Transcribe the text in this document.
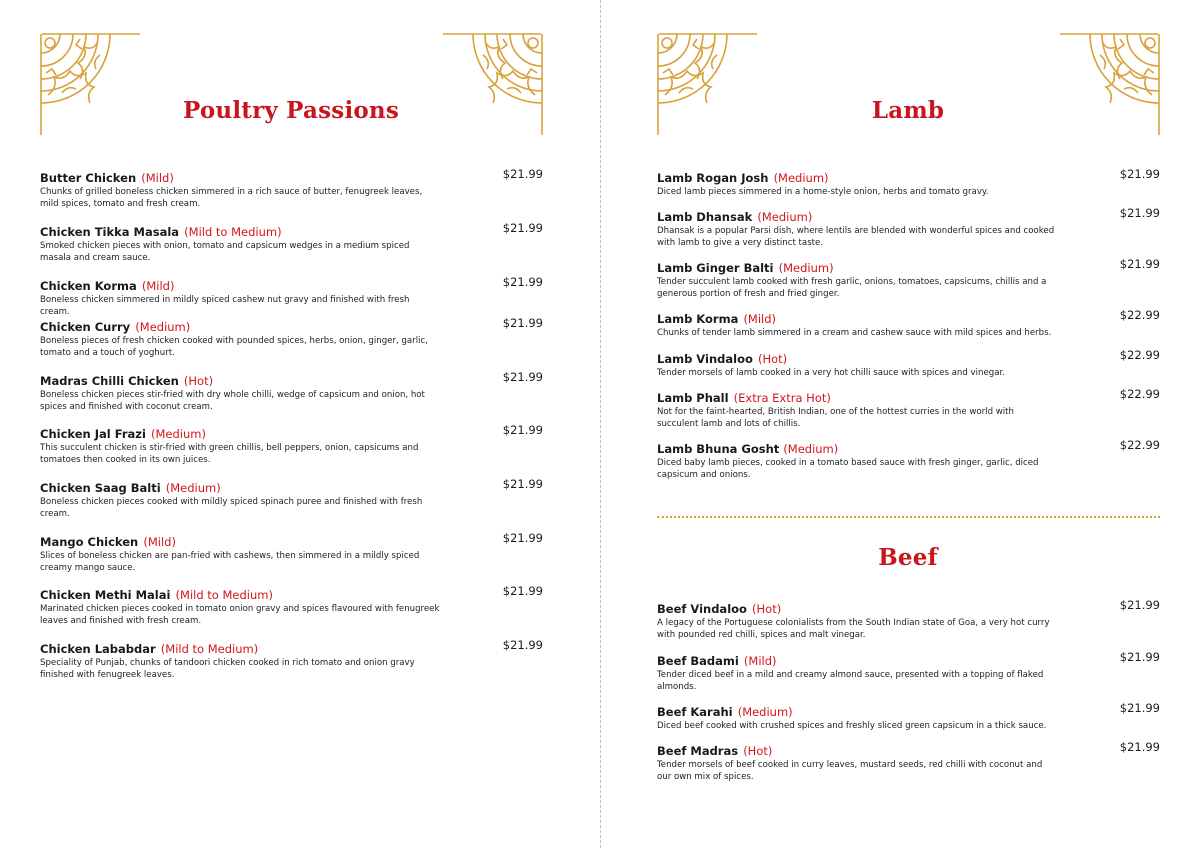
Poultry Passions
Butter Chicken (Mild)	$21.99
Chunks of grilled boneless chicken simmered in a rich sauce of butter, fenugreek leaves, mild spices, tomato and fresh cream.
Chicken Tikka Masala (Mild to Medium)	$21.99
Smoked chicken pieces with onion, tomato and capsicum wedges in a medium spiced masala and cream sauce.
Chicken Korma (Mild)	$21.99
Boneless chicken simmered in mildly spiced cashew nut gravy and finished with fresh cream.
Chicken Curry (Medium)	$21.99
Boneless pieces of fresh chicken cooked with pounded spices, herbs, onion, ginger, garlic, tomato and a touch of yoghurt.
Madras Chilli Chicken (Hot)	$21.99
Boneless chicken pieces stir-fried with dry whole chilli, wedge of capsicum and onion, hot spices and finished with coconut cream.
Chicken Jal Frazi (Medium)	$21.99
This succulent chicken is stir-fried with green chillis, bell peppers, onion, capsicums and tomatoes then cooked in its own juices.
Chicken Saag Balti (Medium)	$21.99
Boneless chicken pieces cooked with mildly spiced spinach puree and finished with fresh cream.
Mango Chicken (Mild)	$21.99
Slices of boneless chicken are pan-fried with cashews, then simmered in a mildly spiced creamy mango sauce.
Chicken Methi Malai (Mild to Medium)	$21.99
Marinated chicken pieces cooked in tomato onion gravy and spices flavoured with fenugreek leaves and finished with fresh cream.
Chicken Lababdar (Mild to Medium)	$21.99
Speciality of Punjab, chunks of tandoori chicken cooked in rich tomato and onion gravy finished with fenugreek leaves.
Lamb
Lamb Rogan Josh (Medium)	$21.99
Diced lamb pieces simmered in a home-style onion, herbs and tomato gravy.
Lamb Dhansak (Medium)	$21.99
Dhansak is a popular Parsi dish, where lentils are blended with wonderful spices and cooked with lamb to give a very distinct taste.
Lamb Ginger Balti (Medium)	$21.99
Tender succulent lamb cooked with fresh garlic, onions, tomatoes, capsicums, chillis and a generous portion of fresh and fried ginger.
Lamb Korma (Mild)	$22.99
Chunks of tender lamb simmered in a cream and cashew sauce with mild spices and herbs.
Lamb Vindaloo (Hot)	$22.99
Tender morsels of lamb cooked in a very hot chilli sauce with spices and vinegar.
Lamb Phall (Extra Extra Hot)	$22.99
Not for the faint-hearted, British Indian, one of the hottest curries in the world with succulent lamb and lots of chillis.
Lamb Bhuna Gosht (Medium)	$22.99
Diced baby lamb pieces, cooked in a tomato based sauce with fresh ginger, garlic, diced capsicum and onions.
Beef
Beef Vindaloo (Hot)	$21.99
A legacy of the Portuguese colonialists from the South Indian state of Goa, a very hot curry with pounded red chilli, spices and malt vinegar.
Beef Badami (Mild)	$21.99
Tender diced beef in a mild and creamy almond sauce, presented with a topping of flaked almonds.
Beef Karahi (Medium)	$21.99
Diced beef cooked with crushed spices and freshly sliced green capsicum in a thick sauce.
Beef Madras (Hot)	$21.99
Tender morsels of beef cooked in curry leaves, mustard seeds, red chilli with coconut and our own mix of spices.
